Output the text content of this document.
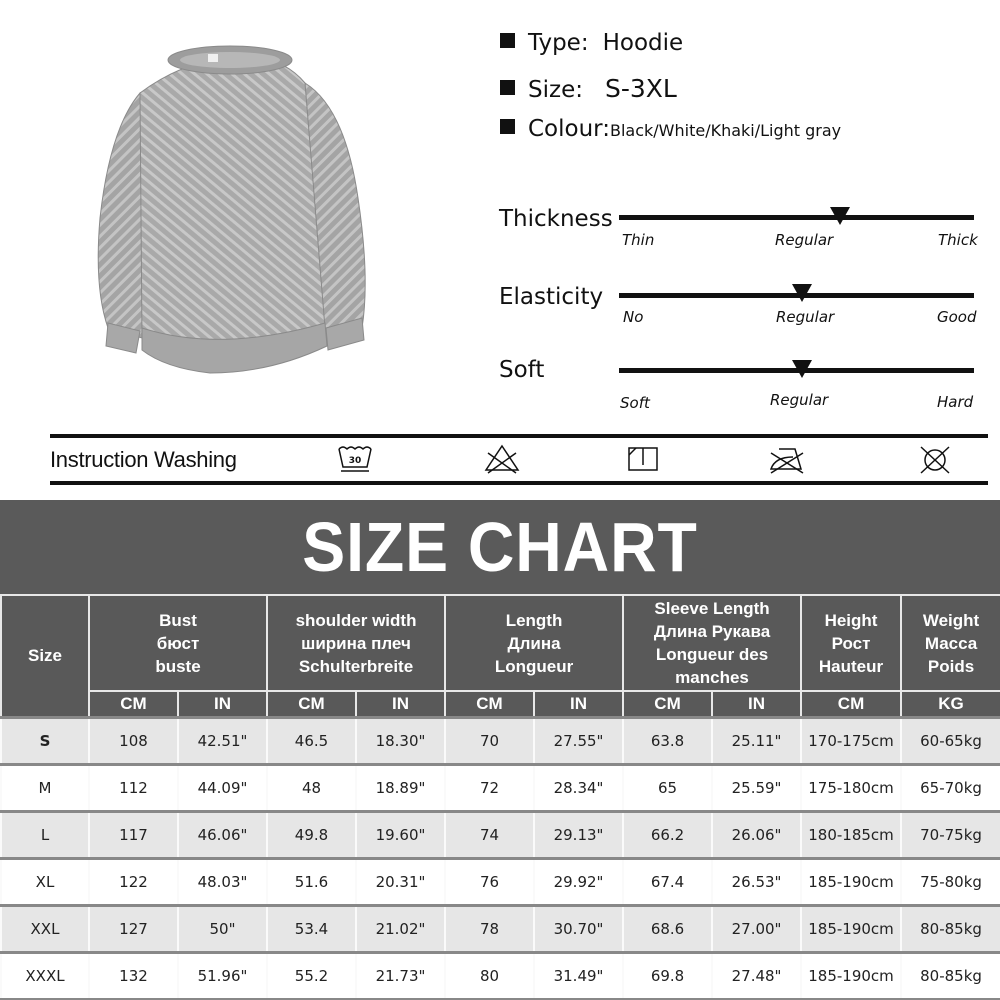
Type: Hoodie
Size: S-3XL
Colour: Black/White/Khaki/Light gray
Thickness
Thin	Regular	Thick
Elasticity
No	Regular	Good
Soft
Soft	Regular	Hard
Instruction Washing	30
SIZE CHART
Size	
Bust
бюст
buste

shoulder width
ширина плеч
Schulterbreite

Length
Длина
Longueur

Sleeve Length
Длина Рукава
Longueur des
manches

Height
Рост
Hauteur

Weight
Масса
Poids

	CM	IN	CM	IN	CM	IN	CM	IN	CM	KG
S	108	42.51"	46.5	18.30"	70	27.55"	63.8	25.11"	170-175cm	60-65kg
M	112	44.09"	48	18.89"	72	28.34"	65	25.59"	175-180cm	65-70kg
L	117	46.06"	49.8	19.60"	74	29.13"	66.2	26.06"	180-185cm	70-75kg
XL	122	48.03"	51.6	20.31"	76	29.92"	67.4	26.53"	185-190cm	75-80kg
XXL	127	50"	53.4	21.02"	78	30.70"	68.6	27.00"	185-190cm	80-85kg
XXXL	132	51.96"	55.2	21.73"	80	31.49"	69.8	27.48"	185-190cm	80-85kg
